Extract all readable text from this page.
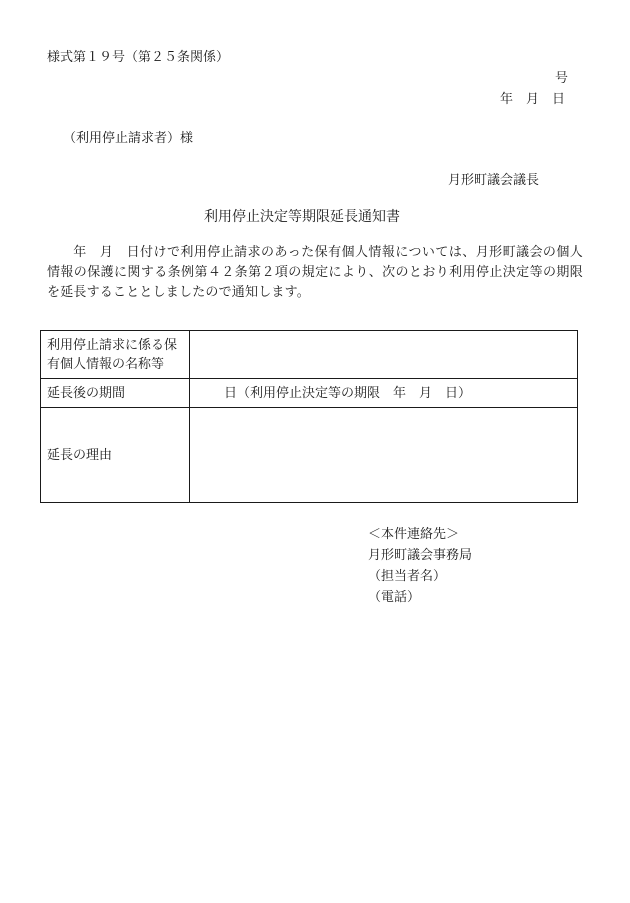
様式第１９号（第２５条関係）
号
年 月 日
（利用停止請求者）様
月形町議会議長
利用停止決定等期限延長通知書
年 月 日付けで利用停止請求のあった保有個人情報については、月形町議会の個人情報の保護に関する条例第４２条第２項の規定により、次のとおり利用停止決定等の期限を延長することとしましたので通知します。
利用停止請求に係る保有個人情報の名称等	
延長後の期間	日（利用停止決定等の期限　年　月　日）
延長の理由	
＜本件連絡先＞
月形町議会事務局
（担当者名）
（電話）
